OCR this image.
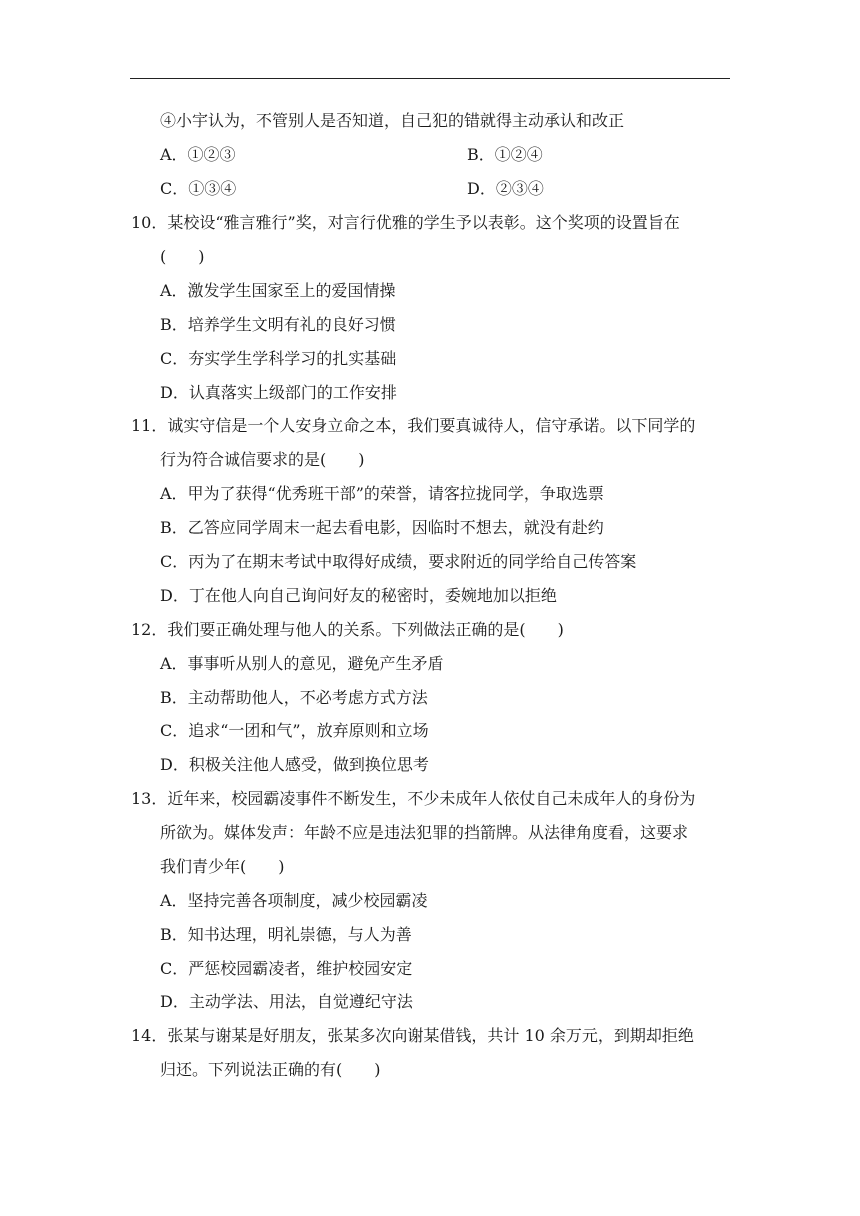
④小宇认为，不管别人是否知道，自己犯的错就得主动承认和改正
A．①②③	B．①②④
C．①③④	D．②③④
10．某校设“雅言雅行”奖，对言行优雅的学生予以表彰。这个奖项的设置旨在
(　　)
A．激发学生国家至上的爱国情操
B．培养学生文明有礼的良好习惯
C．夯实学生学科学习的扎实基础
D．认真落实上级部门的工作安排
11．诚实守信是一个人安身立命之本，我们要真诚待人，信守承诺。以下同学的
行为符合诚信要求的是(　　)
A．甲为了获得“优秀班干部”的荣誉，请客拉拢同学，争取选票
B．乙答应同学周末一起去看电影，因临时不想去，就没有赴约
C．丙为了在期末考试中取得好成绩，要求附近的同学给自己传答案
D．丁在他人向自己询问好友的秘密时，委婉地加以拒绝
12．我们要正确处理与他人的关系。下列做法正确的是(　　)
A．事事听从别人的意见，避免产生矛盾
B．主动帮助他人，不必考虑方式方法
C．追求“一团和气”，放弃原则和立场
D．积极关注他人感受，做到换位思考
13．近年来，校园霸凌事件不断发生，不少未成年人依仗自己未成年人的身份为
所欲为。媒体发声：年龄不应是违法犯罪的挡箭牌。从法律角度看，这要求
我们青少年(　　)
A．坚持完善各项制度，减少校园霸凌
B．知书达理，明礼崇德，与人为善
C．严惩校园霸凌者，维护校园安定
D．主动学法、用法，自觉遵纪守法
14．张某与谢某是好朋友，张某多次向谢某借钱，共计 10 余万元，到期却拒绝
归还。下列说法正确的有(　　)
